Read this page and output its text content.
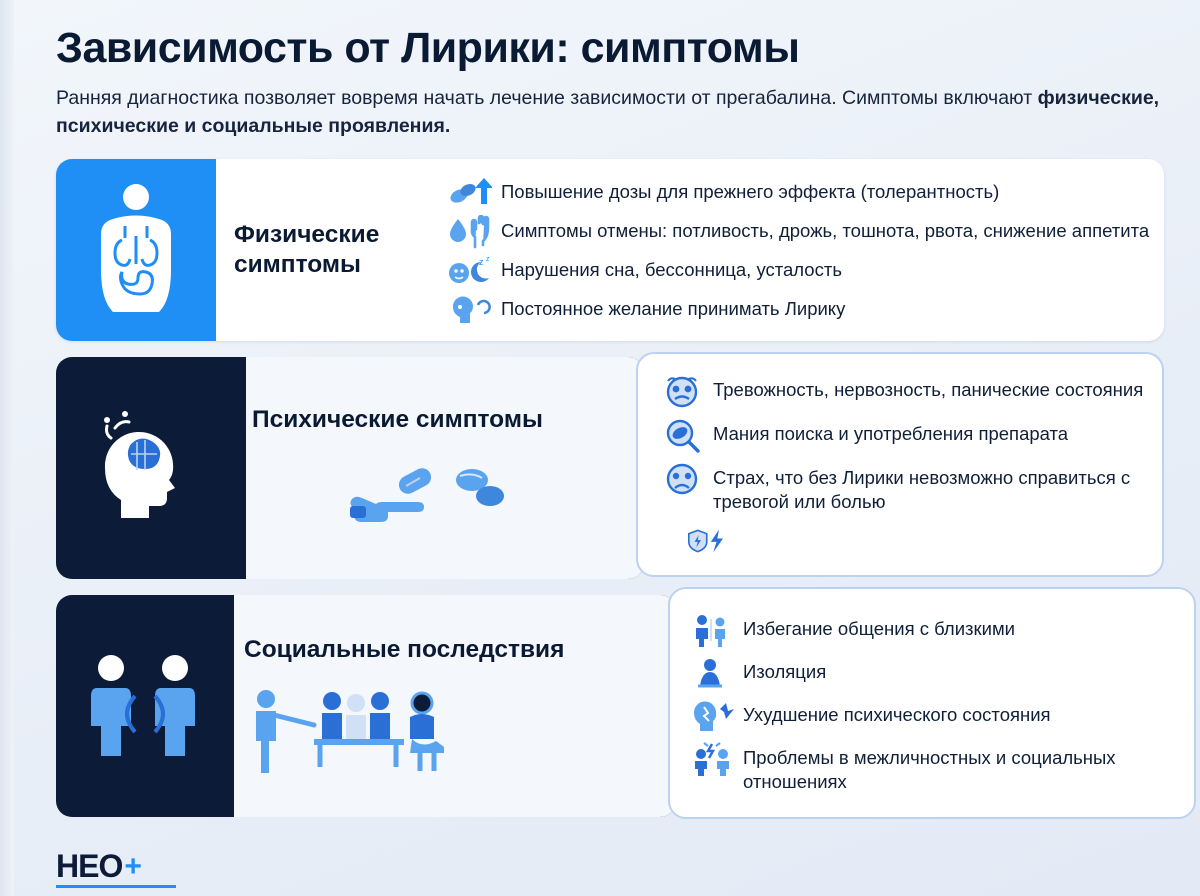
Зависимость от Лирики: симптомы

Ранняя диагностика позволяет вовремя начать лечение зависимости от прегабалина. Симптомы включают физические, психические и социальные проявления.

Физические
симптомы
Повышение дозы для прежнего эффекта (толерантность)
Симптомы отмены: потливость, дрожь, тошнота, рвота, снижение аппетита
z z Нарушения сна, бессонница, усталость
Постоянное желание принимать Лирику
Психические симптомы
Тревожность, нервозность, панические состояния
Мания поиска и употребления препарата
Страх, что без Лирики невозможно справиться с тревогой или болью
Социальные последствия
Избегание общения с близкими
Изоляция
Ухудшение психического состояния
Проблемы в межличностных и социальных отношениях
НЕО +
